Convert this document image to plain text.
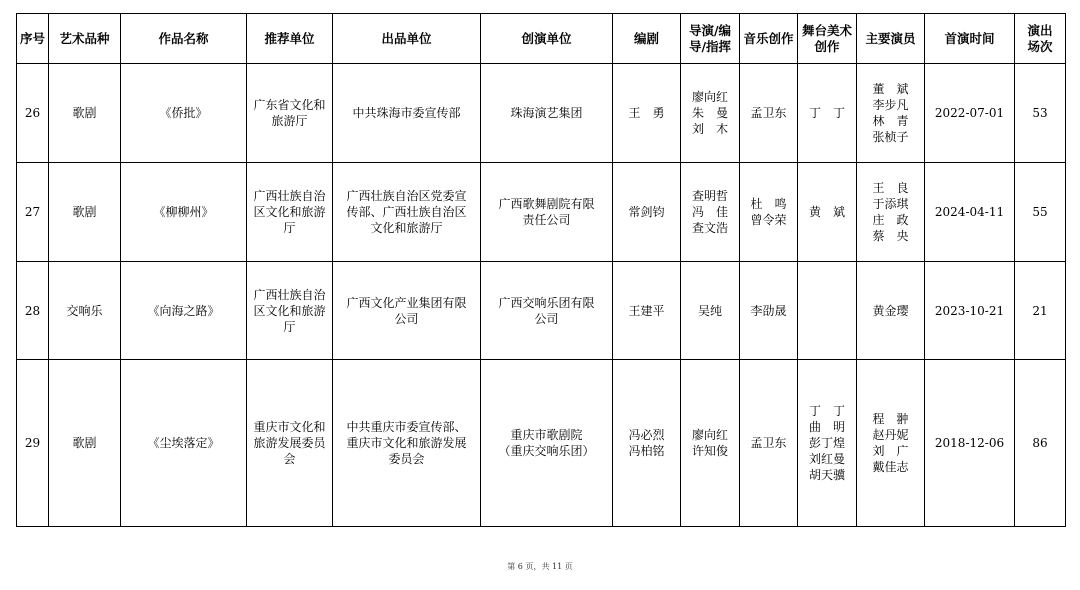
序号	艺术品种	作品名称	推荐单位	出品单位	创演单位	编剧	导演/编
导/指挥	音乐创作	舞台美术
创作	主要演员	首演时间	演出
场次
26	歌剧	《侨批》	广东省文化和
旅游厅	中共珠海市委宣传部	珠海演艺集团	王　勇	廖向红
朱　曼
刘　木	孟卫东	丁　丁	董　斌
李步凡
林　青
张桢子	2022-07-01	53
27	歌剧	《柳柳州》	广西壮族自治
区文化和旅游
厅	广西壮族自治区党委宣
传部、广西壮族自治区
文化和旅游厅	广西歌舞剧院有限
责任公司	常剑钧	查明哲
冯　佳
查文浩	杜　鸣
曾令荣	黄　斌	王　良
于添琪
庄　政
蔡　央	2024-04-11	55
28	交响乐	《向海之路》	广西壮族自治
区文化和旅游
厅	广西文化产业集团有限
公司	广西交响乐团有限
公司	王建平	吴纯	李劭晟		黄金璎	2023-10-21	21
29	歌剧	《尘埃落定》	重庆市文化和
旅游发展委员
会	中共重庆市委宣传部、
重庆市文化和旅游发展
委员会	重庆市歌剧院
（重庆交响乐团）	冯必烈
冯柏铭	廖向红
许知俊	孟卫东	丁　丁
曲　明
彭丁煌
刘红曼
胡天骥	程　翀
赵丹妮
刘　广
戴佳志	2018-12-06	86
第 6 页，共 11 页
